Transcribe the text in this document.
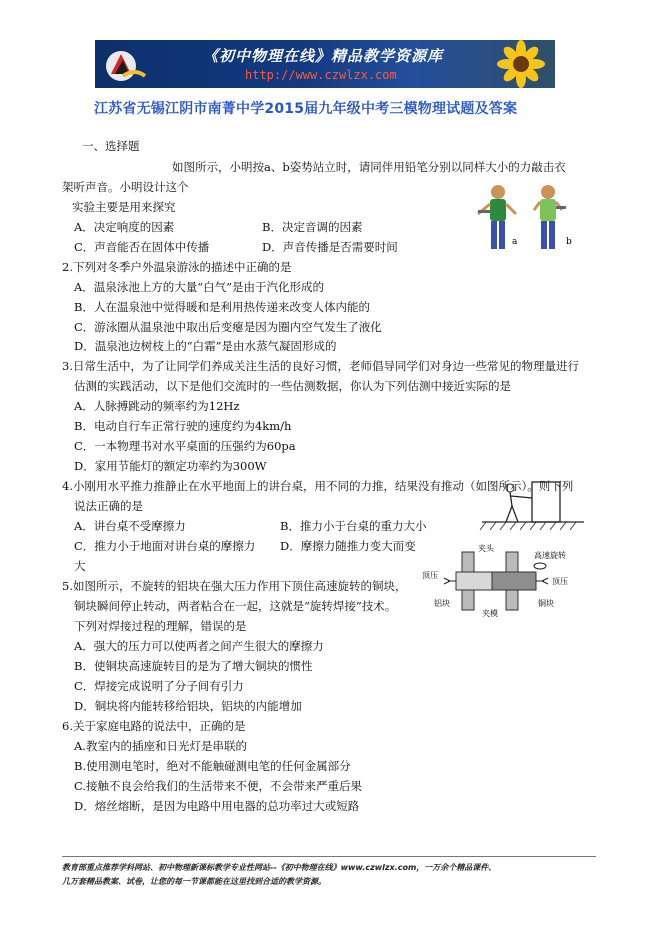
《初中物理在线》精品教学资源库
http://www.czwlzx.com
江苏省无锡江阴市南菁中学2015届九年级中考三模物理试题及答案
一、选择题
如图所示，小明按a、b姿势站立时，请同伴用铅笔分别以同样大小的力敲击衣
架听声音。小明设计这个
实验主要是用来探究
A．决定响度的因素	B．决定音调的因素
C．声音能否在固体中传播	D．声音传播是否需要时间	a	b
2.下列对冬季户外温泉游泳的描述中正确的是
A．温泉泳池上方的大量“白气”是由于汽化形成的
B．人在温泉池中觉得暖和是利用热传递来改变人体内能的
C．游泳圈从温泉池中取出后变瘪是因为圈内空气发生了液化
D．温泉池边树枝上的“白霜”是由水蒸气凝固形成的
3.日常生活中，为了让同学们养成关注生活的良好习惯，老师倡导同学们对身边一些常见的物理量进行
估测的实践活动，以下是他们交流时的一些估测数据，你认为下列估测中接近实际的是
A．人脉搏跳动的频率约为12Hz
B．电动自行车正常行驶的速度约为4km/h
C．一本物理书对水平桌面的压强约为60pa
D．家用节能灯的额定功率约为300W
4.小刚用水平推力推静止在水平地面上的讲台桌，用不同的力推，结果没有推动（如图所示）。则下列
说法正确的是
A．讲台桌不受摩擦力	B．推力小于台桌的重力大小
C．推力小于地面对讲台桌的摩擦力 D．摩擦力随推力变大而变
大
5.如图所示，不旋转的铝块在强大压力作用下顶住高速旋转的铜块，
铜块瞬间停止转动，两者粘合在一起，这就是“旋转焊接”技术。
下列对焊接过程的理解，错误的是
A．强大的压力可以使两者之间产生很大的摩擦力
B．使铜块高速旋转目的是为了增大铜块的惯性
C．焊接完成说明了分子间有引力
D．铜块将内能转移给铝块，铝块的内能增加
夹头
高速旋转
顶压
顶压
铝块
夹模
铜块
6.关于家庭电路的说法中，正确的是
A.教室内的插座和日光灯是串联的
B.使用测电笔时，绝对不能触碰测电笔的任何金属部分
C.接触不良会给我们的生活带来不便，不会带来严重后果
D．熔丝熔断，是因为电路中用电器的总功率过大或短路
教育部重点推荐学科网站、初中物理新课标教学专业性网站--《初中物理在线》www.czwlzx.com，一万余个精品课件、
几万套精品教案、试卷，让您的每一节课都能在这里找到合适的教学资源。
